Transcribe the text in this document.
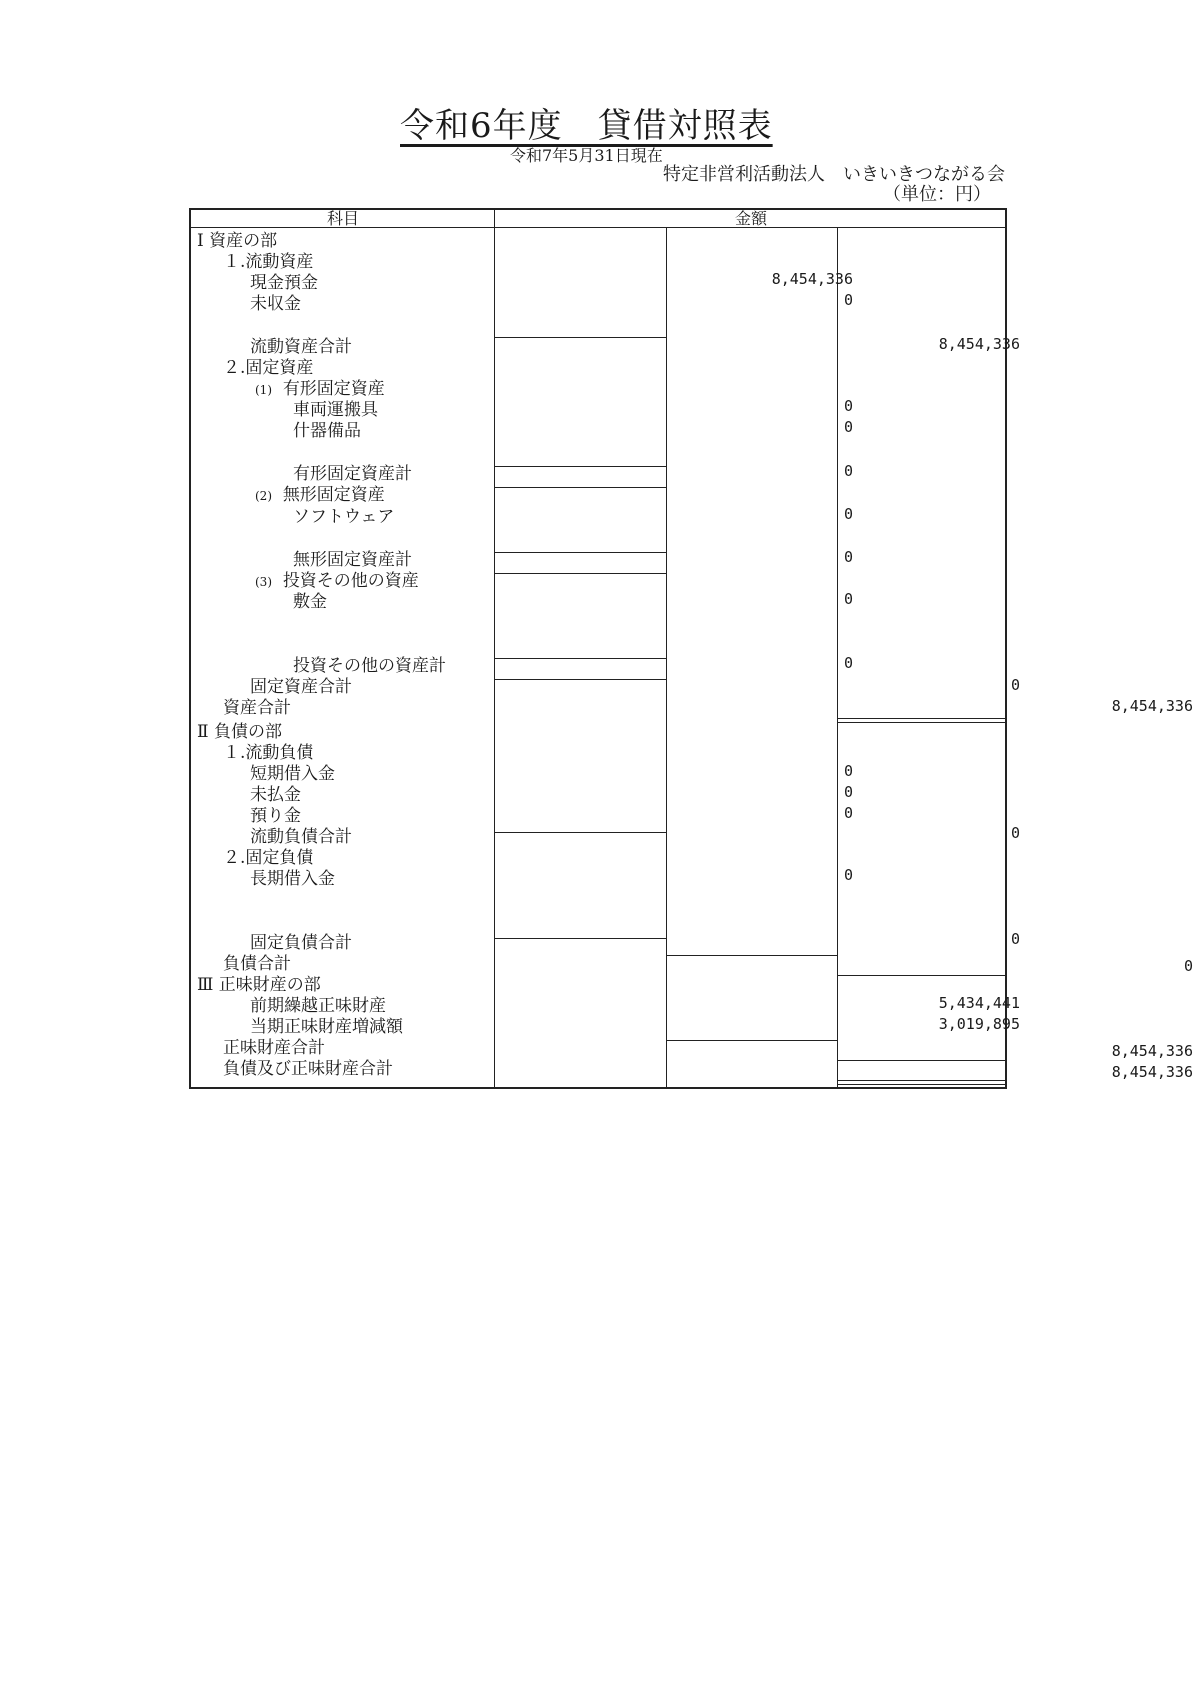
令和6年度　貸借対照表
令和7年5月31日現在
特定非営利活動法人　いきいきつながる会
（単位：円）
科目	金額
Ⅰ 資産の部
１.流動資産
現金預金
未収金
流動資産合計
２.固定資産
(1) 有形固定資産
車両運搬具
什器備品
有形固定資産計
(2) 無形固定資産
ソフトウェア
無形固定資産計
(3) 投資その他の資産
敷金
投資その他の資産計
固定資産合計
資産合計
Ⅱ 負債の部
１.流動負債
短期借入金
未払金
預り金
流動負債合計
２.固定負債
長期借入金
固定負債合計
負債合計
Ⅲ 正味財産の部
前期繰越正味財産
当期正味財産増減額
正味財産合計
負債及び正味財産合計
8,454,336
0
0
0
0
0
0
0
0
0
0
0
0
8,454,336
0
0
0
5,434,441
3,019,895
8,454,336
0
8,454,336
8,454,336
